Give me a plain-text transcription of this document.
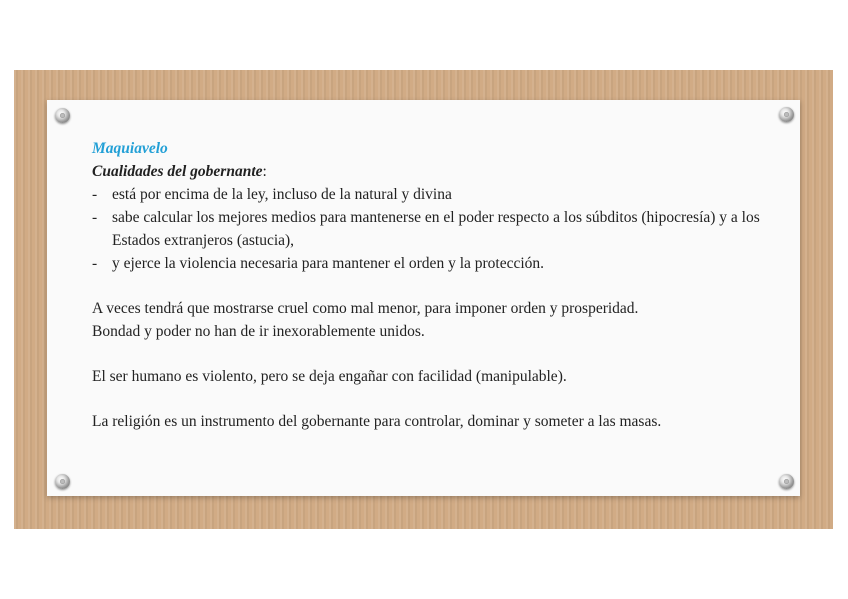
Maquiavelo
Cualidades del gobernante:
- está por encima de la ley, incluso de la natural y divina
- sabe calcular los mejores medios para mantenerse en el poder respecto a los súbditos (hipocresía) y a los Estados extranjeros (astucia),
- y ejerce la violencia necesaria para mantener el orden y la protección.

A veces tendrá que mostrarse cruel como mal menor, para imponer orden y prosperidad.
Bondad y poder no han de ir inexorablemente unidos.

El ser humano es violento, pero se deja engañar con facilidad (manipulable).

La religión es un instrumento del gobernante para controlar, dominar y someter a las masas.
